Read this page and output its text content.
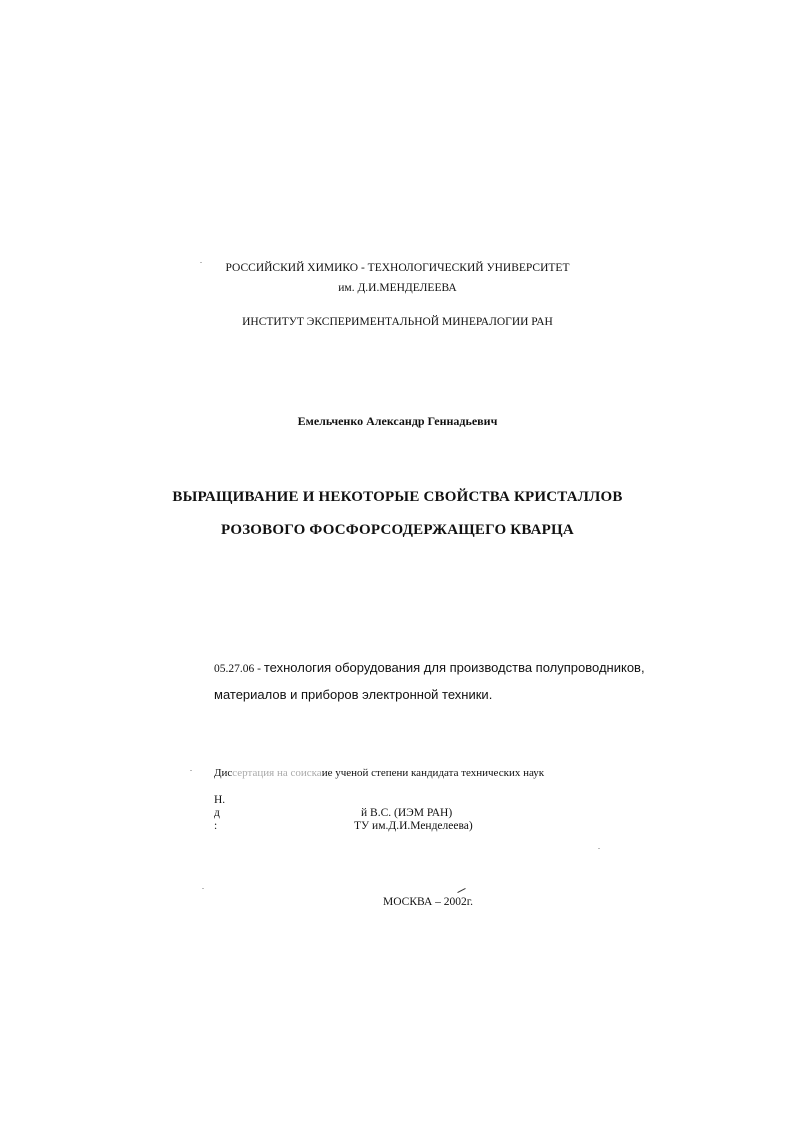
РОССИЙСКИЙ ХИМИКО - ТЕХНОЛОГИЧЕСКИЙ УНИВЕРСИТЕТ
им. Д.И.МЕНДЕЛЕЕВА
ИНСТИТУТ ЭКСПЕРИМЕНТАЛЬНОЙ МИНЕРАЛОГИИ РАН
Емельченко Александр Геннадьевич
ВЫРАЩИВАНИЕ И НЕКОТОРЫЕ СВОЙСТВА КРИСТАЛЛОВ
РОЗОВОГО ФОСФОРСОДЕРЖАЩЕГО КВАРЦА
05.27.06 - технология оборудования для производства полупроводников,
материалов и приборов электронной техники.
Диссертация на соискаие ученой степени кандидата технических наук
Н.
д	й В.С. (ИЭМ РАН)
:	ТУ им.Д.И.Менделеева)
МОСКВА – 2002г.
